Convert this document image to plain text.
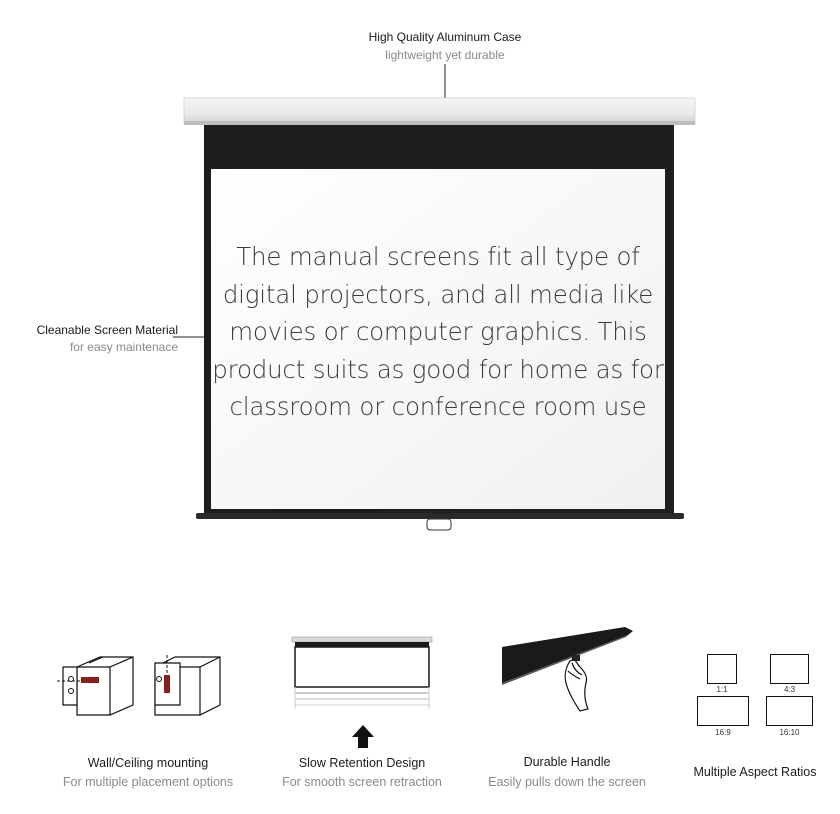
High Quality Aluminum Case
lightweight yet durable
Cleanable Screen Material
for easy maintenace
The manual screens fit all type of
digital projectors, and all media like
movies or computer graphics. This
product suits as good for home as for
classroom or conference room use
Wall/Ceiling mounting
For multiple placement options
Slow Retention Design
For smooth screen retraction
Durable Handle
Easily pulls down the screen
1:1	4:3
16:9	16:10
Multiple Aspect Ratios
